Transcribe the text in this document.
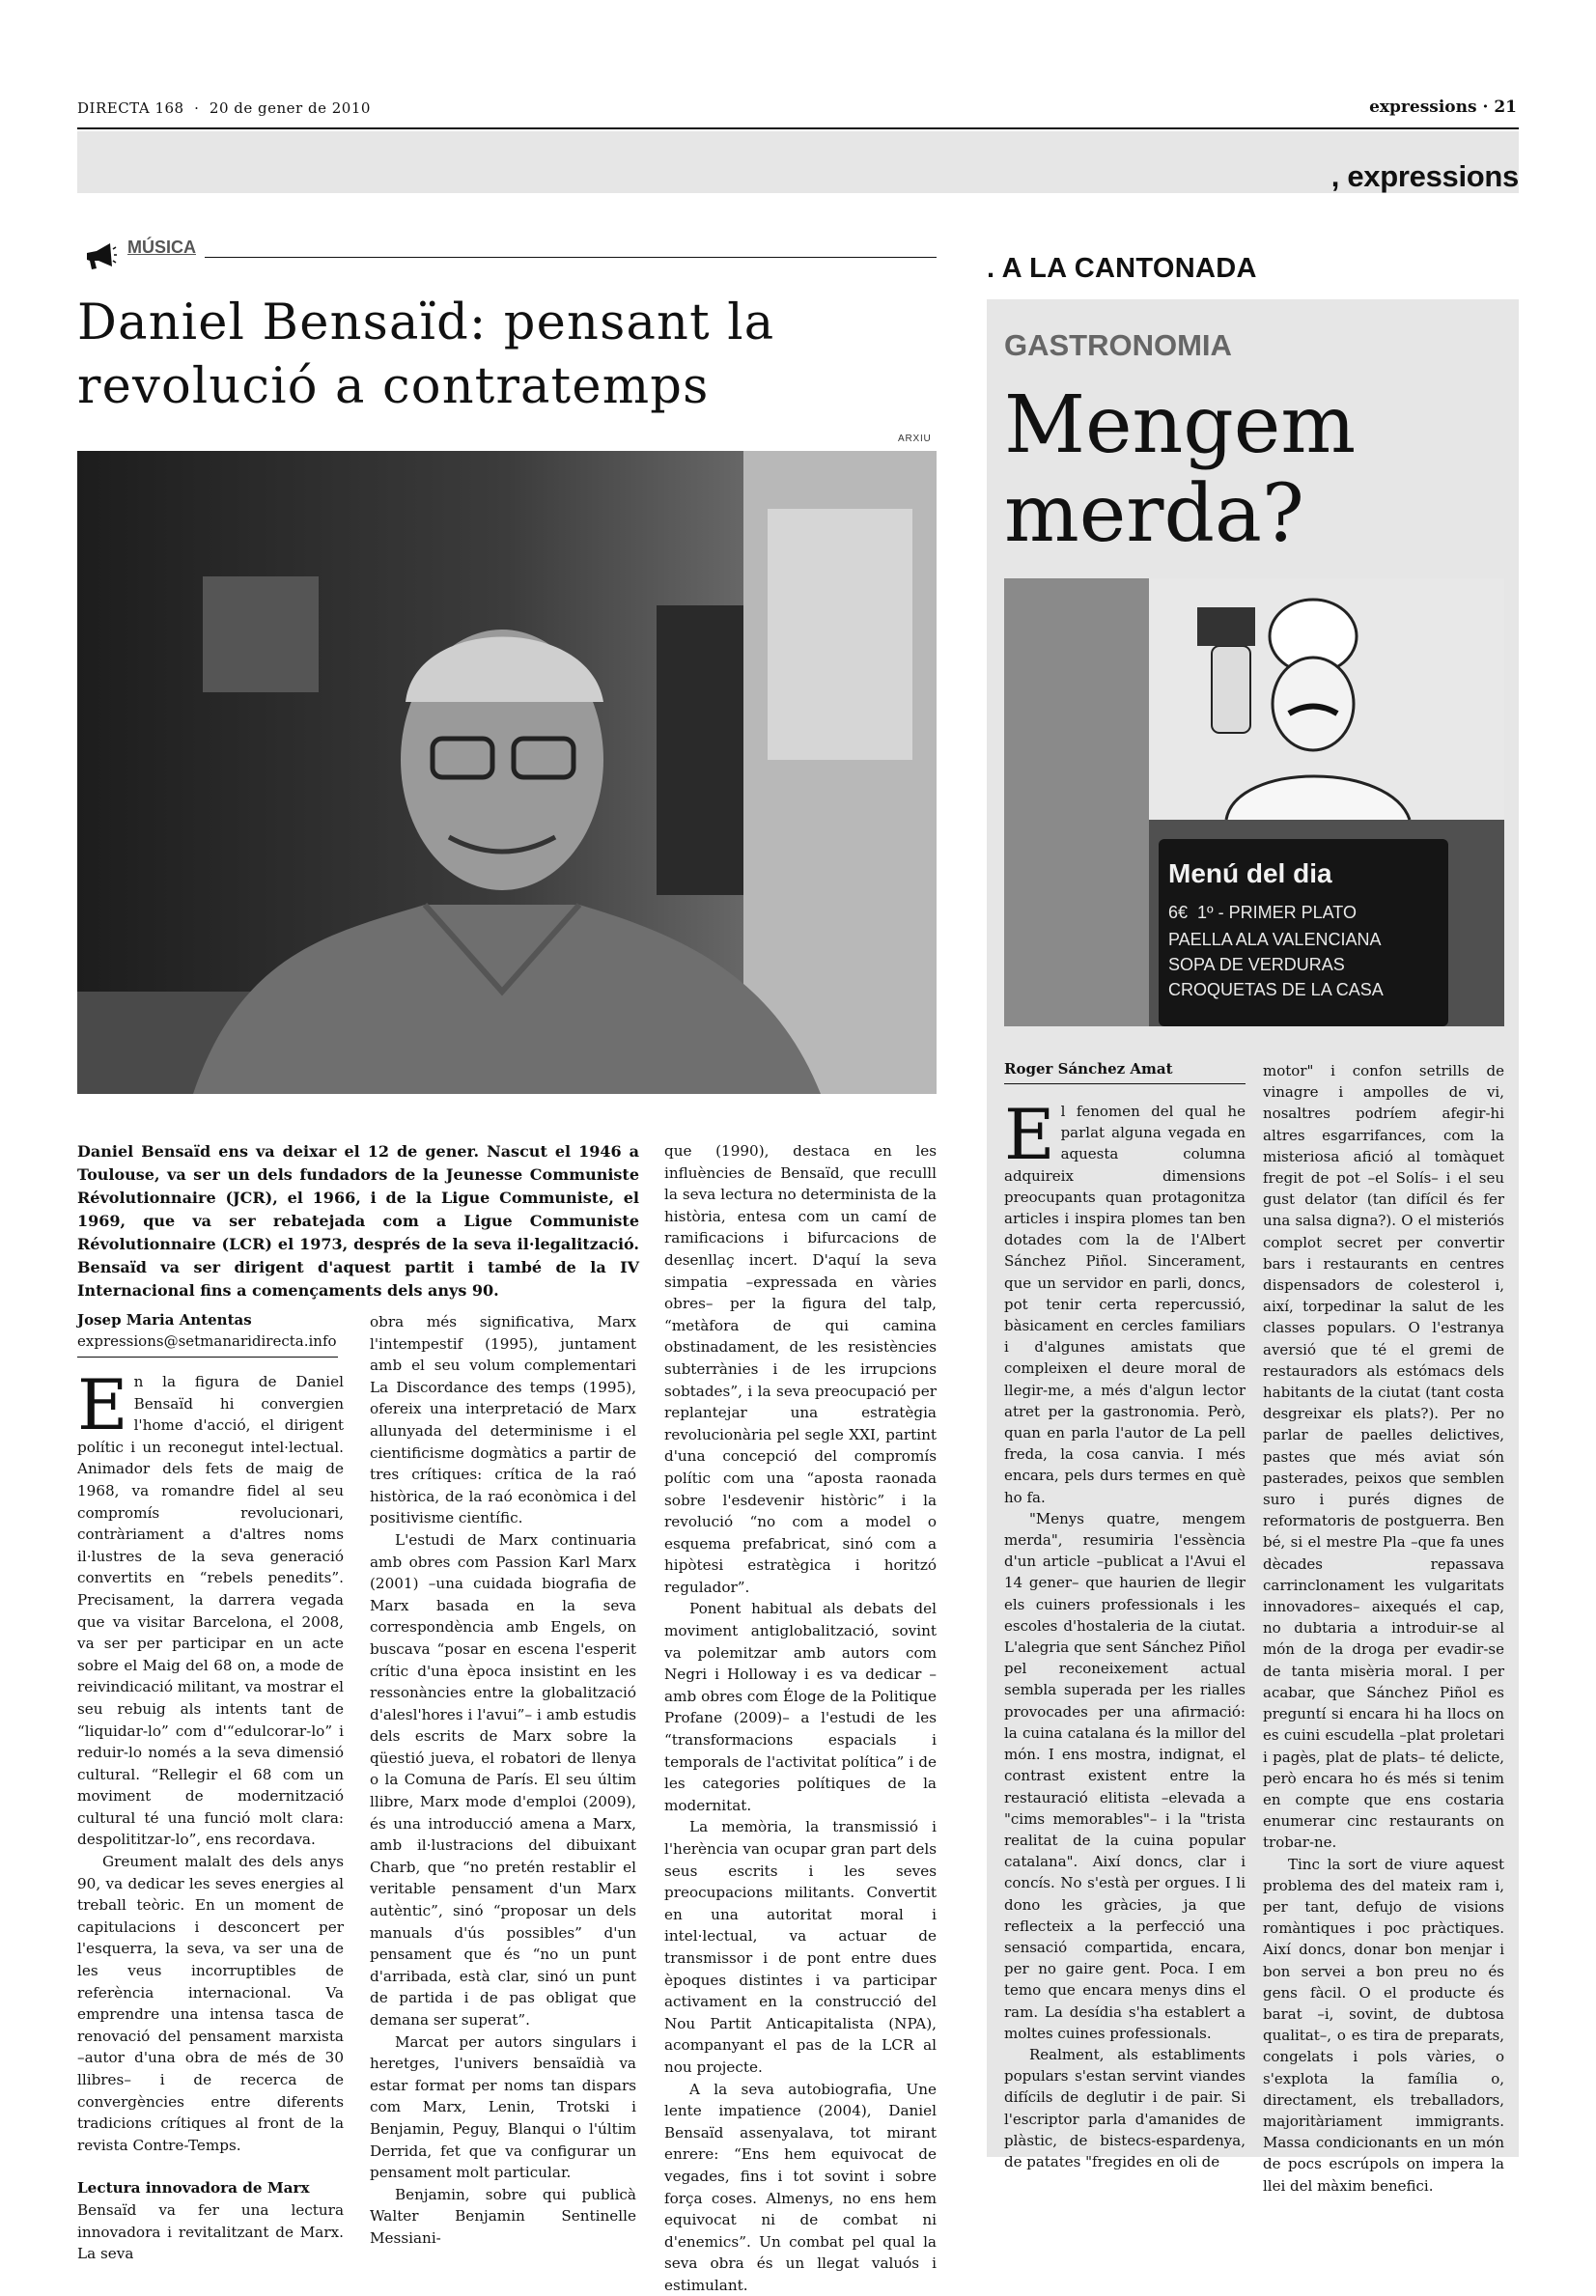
DIRECTA 168  ·  20 de gener de 2010	expressions · 21
, expressions
MÚSICA
Daniel Bensaïd: pensant la revolució a contratemps
ARXIU
Daniel Bensaïd ens va deixar el 12 de gener. Nascut el 1946 a Toulouse, va ser un dels fundadors de la Jeunesse Communiste Révolutionnaire (JCR), el 1966, i de la Ligue Communiste, el 1969, que va ser rebatejada com a Ligue Communiste Révolutionnaire (LCR) el 1973, després de la seva il·legalització. Bensaïd va ser dirigent d'aquest partit i també de la IV Internacional fins a començaments dels anys 90.
Josep Maria Antentas
expressions@setmanaridirecta.info

En la figura de Daniel Bensaïd hi convergien l'home d'acció, el dirigent polític i un reconegut intel·lectual. Animador dels fets de maig de 1968, va romandre fidel al seu compromís revolucionari, contràriament a d'altres noms il·lustres de la seva generació convertits en “rebels penedits”. Precisament, la darrera vegada que va visitar Barcelona, el 2008, va ser per participar en un acte sobre el Maig del 68 on, a mode de reivindicació militant, va mostrar el seu rebuig als intents tant de “liquidar-lo” com d'“edulcorar-lo” i reduir-lo només a la seva dimensió cultural. “Rellegir el 68 com un moviment de modernització cultural té una funció molt clara: despolititzar-lo”, ens recordava.

Greument malalt des dels anys 90, va dedicar les seves energies al treball teòric. En un moment de capitulacions i desconcert per l'esquerra, la seva, va ser una de les veus incorruptibles de referència internacional. Va emprendre una intensa tasca de renovació del pensament marxista –autor d'una obra de més de 30 llibres– i de recerca de convergències entre diferents tradicions crítiques al front de la revista Contre-Temps.

Lectura innovadora de Marx

Bensaïd va fer una lectura innovadora i revitalitzant de Marx. La seva

obra més significativa, Marx l'intempestif (1995), juntament amb el seu volum complementari La Discordance des temps (1995), ofereix una interpretació de Marx allunyada del determinisme i el cientificisme dogmàtics a partir de tres crítiques: crítica de la raó històrica, de la raó econòmica i del positivisme científic.

L'estudi de Marx continuaria amb obres com Passion Karl Marx (2001) –una cuidada biografia de Marx basada en la seva correspondència amb Engels, on buscava “posar en escena l'esperit crític d'una època insistint en les ressonàncies entre la globalització d'alesl'hores i l'avui”– i amb estudis dels escrits de Marx sobre la qüestió jueva, el robatori de llenya o la Comuna de París. El seu últim llibre, Marx mode d'emploi (2009), és una introducció amena a Marx, amb il·lustracions del dibuixant Charb, que “no pretén restablir el veritable pensament d'un Marx autèntic”, sinó “proposar un dels manuals d'ús possibles” d'un pensament que és “no un punt d'arribada, està clar, sinó un punt de partida i de pas obligat que demana ser superat”.

Marcat per autors singulars i heretges, l'univers bensaïdià va estar format per noms tan dispars com Marx, Lenin, Trotski i Benjamin, Peguy, Blanqui o l'últim Derrida, fet que va configurar un pensament molt particular.

Benjamin, sobre qui publicà Walter Benjamin Sentinelle Messiani-

que (1990), destaca en les influències de Bensaïd, que reculll la seva lectura no determinista de la història, entesa com un camí de ramificacions i bifurcacions de desenllaç incert. D'aquí la seva simpatia –expressada en vàries obres– per la figura del talp, “metàfora de qui camina obstinadament, de les resistències subterrànies i de les irrupcions sobtades”, i la seva preocupació per replantejar una estratègia revolucionària pel segle XXI, partint d'una concepció del compromís polític com una “aposta raonada sobre l'esdevenir històric” i la revolució “no com a model o esquema prefabricat, sinó com a hipòtesi estratègica i horitzó regulador”.

Ponent habitual als debats del moviment antiglobalització, sovint va polemitzar amb autors com Negri i Holloway i es va dedicar –amb obres com Éloge de la Politique Profane (2009)– a l'estudi de les “transformacions espacials i temporals de l'activitat política” i de les categories polítiques de la modernitat.

La memòria, la transmissió i l'herència van ocupar gran part dels seus escrits i les seves preocupacions militants. Convertit en una autoritat moral i intel·lectual, va actuar de transmissor i de pont entre dues èpoques distintes i va participar activament en la construcció del Nou Partit Anticapitalista (NPA), acompanyant el pas de la LCR al nou projecte.

A la seva autobiografia, Une lente impatience (2004), Daniel Bensaïd assenyalava, tot mirant enrere: “Ens hem equivocat de vegades, fins i tot sovint i sobre força coses. Almenys, no ens hem equivocat ni de combat ni d'enemics”. Un combat pel qual la seva obra és un llegat valuós i estimulant.

. A LA CANTONADA
GASTRONOMIA
Mengem merda?
Menú del dia
6€  1º - PRIMER PLATO
PAELLA ALA VALENCIANA
SOPA DE VERDURAS
CROQUETAS DE LA CASA
Roger Sánchez Amat

El fenomen del qual he parlat alguna vegada en aquesta columna adquireix dimensions preocupants quan protagonitza articles i inspira plomes tan ben dotades com la de l'Albert Sánchez Piñol. Sincerament, que un servidor en parli, doncs, pot tenir certa repercussió, bàsicament en cercles familiars i d'algunes amistats que compleixen el deure moral de llegir-me, a més d'algun lector atret per la gastronomia. Però, quan en parla l'autor de La pell freda, la cosa canvia. I més encara, pels durs termes en què ho fa.

"Menys quatre, mengem merda", resumiria l'essència d'un article –publicat a l'Avui el 14 gener– que haurien de llegir els cuiners professionals i les escoles d'hostaleria de la ciutat. L'alegria que sent Sánchez Piñol pel reconeixement actual sembla superada per les rialles provocades per una afirmació: la cuina catalana és la millor del món. I ens mostra, indignat, el contrast existent entre la restauració elitista –elevada a "cims memorables"– i la "trista realitat de la cuina popular catalana". Així doncs, clar i concís. No s'està per orgues. I li dono les gràcies, ja que reflecteix a la perfecció una sensació compartida, encara, per no gaire gent. Poca. I em temo que encara menys dins el ram. La desídia s'ha establert a moltes cuines professionals.

Realment, als establiments populars s'estan servint viandes difícils de deglutir i de pair. Si l'escriptor parla d'amanides de plàstic, de bistecs-espardenya, de patates "fregides en oli de

motor" i confon setrills de vinagre i ampolles de vi, nosaltres podríem afegir-hi altres esgarrifances, com la misteriosa afició al tomàquet fregit de pot –el Solís– i el seu gust delator (tan difícil és fer una salsa digna?). O el misteriós complot secret per convertir bars i restaurants en centres dispensadors de colesterol i, així, torpedinar la salut de les classes populars. O l'estranya aversió que té el gremi de restauradors als estómacs dels habitants de la ciutat (tant costa desgreixar els plats?). Per no parlar de paelles delictives, pastes que més aviat són pasterades, peixos que semblen suro i purés dignes de reformatoris de postguerra. Ben bé, si el mestre Pla –que fa unes dècades repassava carrinclonament les vulgaritats innovadores– aixequés el cap, no dubtaria a introduir-se al món de la droga per evadir-se de tanta misèria moral. I per acabar, que Sánchez Piñol es preguntí si encara hi ha llocs on es cuini escudella –plat proletari i pagès, plat de plats– té delicte, però encara ho és més si tenim en compte que ens costaria enumerar cinc restaurants on trobar-ne.

Tinc la sort de viure aquest problema des del mateix ram i, per tant, defujo de visions romàntiques i poc pràctiques. Així doncs, donar bon menjar i bon servei a bon preu no és gens fàcil. O el producte és barat –i, sovint, de dubtosa qualitat–, o es tira de preparats, congelats i pols vàries, o s'explota la família o, directament, els treballadors, majoritàriament immigrants. Massa condicionants en un món de pocs escrúpols on impera la llei del màxim benefici.
